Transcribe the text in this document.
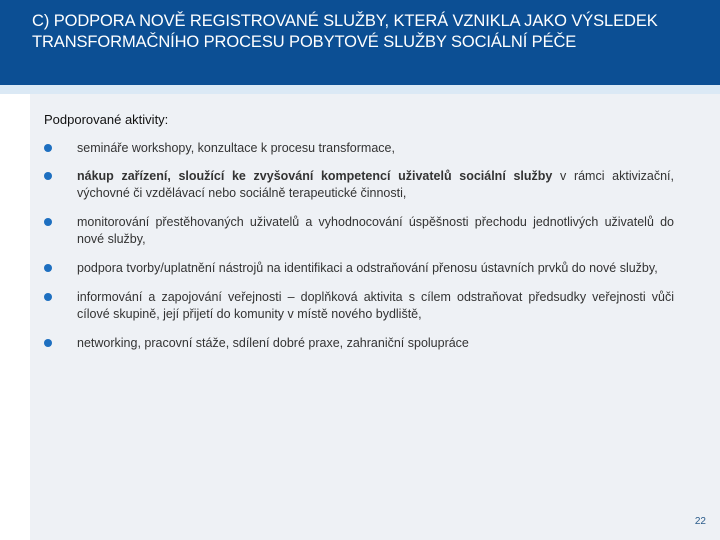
C) PODPORA NOVĚ REGISTROVANÉ SLUŽBY, KTERÁ VZNIKLA JAKO VÝSLEDEK TRANSFORMAČNÍHO PROCESU POBYTOVÉ SLUŽBY SOCIÁLNÍ PÉČE
Podporované aktivity:
semináře workshopy, konzultace k procesu transformace,
nákup zařízení, sloužící ke zvyšování kompetencí uživatelů sociální služby v rámci aktivizační, výchovné či vzdělávací nebo sociálně terapeutické činnosti,
monitorování přestěhovaných uživatelů a vyhodnocování úspěšnosti přechodu jednotlivých uživatelů do nové služby,
podpora tvorby/uplatnění nástrojů na identifikaci a odstraňování přenosu ústavních prvků do nové služby,
informování a zapojování veřejnosti – doplňková aktivita s cílem odstraňovat předsudky veřejnosti vůči cílové skupině, její přijetí do komunity v místě nového bydliště,
networking, pracovní stáže, sdílení dobré praxe, zahraniční spolupráce
22
